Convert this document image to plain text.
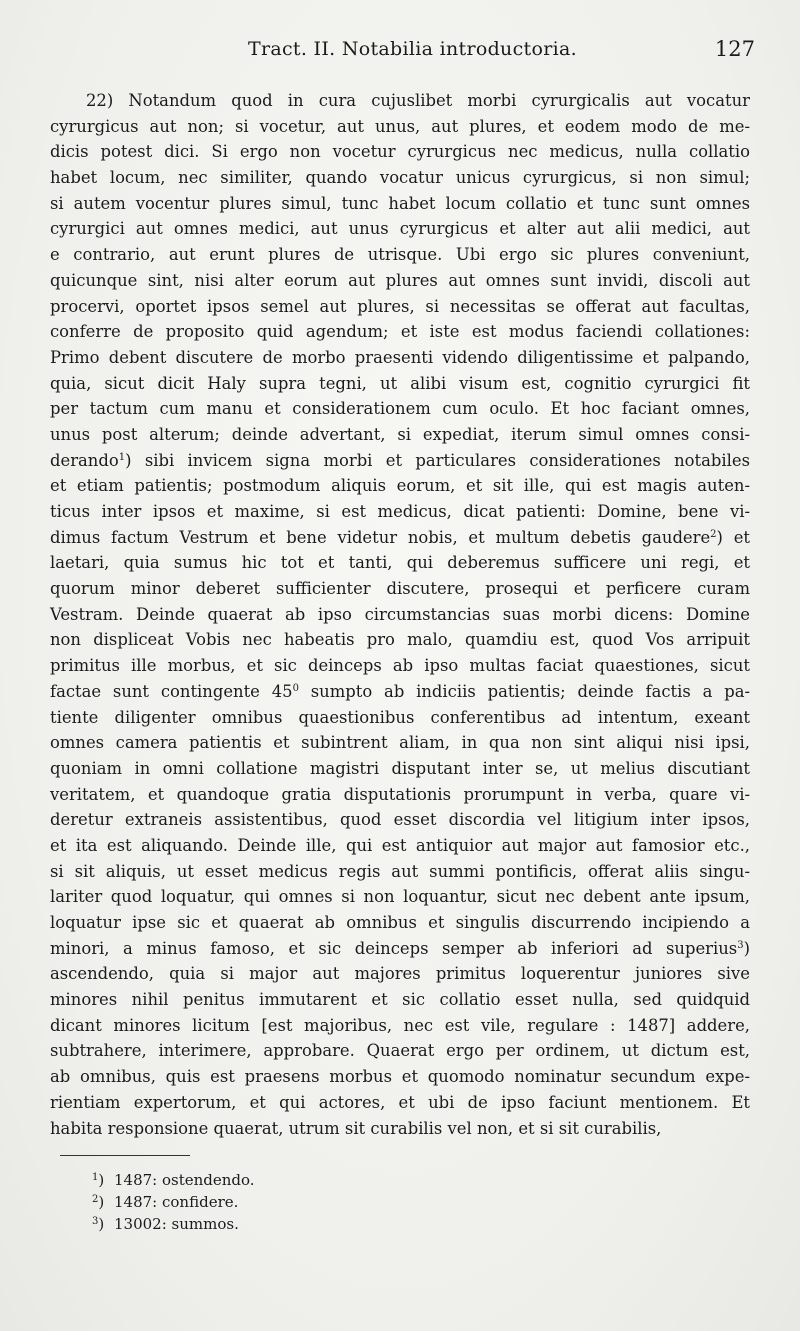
Tract. II. Notabilia introductoria.	127
22) Notandum quod in cura cujuslibet morbi cyrurgicalis aut vocatur
cyrurgicus aut non; si vocetur, aut unus, aut plures, et eodem modo de me-
dicis potest dici. Si ergo non vocetur cyrurgicus nec medicus, nulla collatio
habet locum, nec similiter, quando vocatur unicus cyrurgicus, si non simul;
si autem vocentur plures simul, tunc habet locum collatio et tunc sunt omnes
cyrurgici aut omnes medici, aut unus cyrurgicus et alter aut alii medici, aut
e contrario, aut erunt plures de utrisque. Ubi ergo sic plures conveniunt,
quicunque sint, nisi alter eorum aut plures aut omnes sunt invidi, discoli aut
procervi, oportet ipsos semel aut plures, si necessitas se offerat aut facultas,
conferre de proposito quid agendum; et iste est modus faciendi collationes:
Primo debent discutere de morbo praesenti videndo diligentissime et palpando,
quia, sicut dicit Haly supra tegni, ut alibi visum est, cognitio cyrurgici fit
per tactum cum manu et considerationem cum oculo. Et hoc faciant omnes,
unus post alterum; deinde advertant, si expediat, iterum simul omnes consi-
derando$^1$) sibi invicem signa morbi et particulares considerationes notabiles
et etiam patientis; postmodum aliquis eorum, et sit ille, qui est magis auten-
ticus inter ipsos et maxime, si est medicus, dicat patienti: Domine, bene vi-
dimus factum Vestrum et bene videtur nobis, et multum debetis gaudere$^2$) et
laetari, quia sumus hic tot et tanti, qui deberemus sufficere uni regi, et
quorum minor deberet sufficienter discutere, prosequi et perficere curam
Vestram. Deinde quaerat ab ipso circumstancias suas morbi dicens: Domine
non displiceat Vobis nec habeatis pro malo, quamdiu est, quod Vos arripuit
primitus ille morbus, et sic deinceps ab ipso multas faciat quaestiones, sicut
factae sunt contingente $45^0$ sumpto ab indiciis patientis; deinde factis a pa-
tiente diligenter omnibus quaestionibus conferentibus ad intentum, exeant
omnes camera patientis et subintrent aliam, in qua non sint aliqui nisi ipsi,
quoniam in omni collatione magistri disputant inter se, ut melius discutiant
veritatem, et quandoque gratia disputationis prorumpunt in verba, quare vi-
deretur extraneis assistentibus, quod esset discordia vel litigium inter ipsos,
et ita est aliquando. Deinde ille, qui est antiquior aut major aut famosior etc.,
si sit aliquis, ut esset medicus regis aut summi pontificis, offerat aliis singu-
lariter quod loquatur, qui omnes si non loquantur, sicut nec debent ante ipsum,
loquatur ipse sic et quaerat ab omnibus et singulis discurrendo incipiendo a
minori, a minus famoso, et sic deinceps semper ab inferiori ad superius$^3$)
ascendendo, quia si major aut majores primitus loquerentur juniores sive
minores nihil penitus immutarent et sic collatio esset nulla, sed quidquid
dicant minores licitum [est majoribus, nec est vile, regulare : 1487] addere,
subtrahere, interimere, approbare. Quaerat ergo per ordinem, ut dictum est,
ab omnibus, quis est praesens morbus et quomodo nominatur secundum expe-
rientiam expertorum, et qui actores, et ubi de ipso faciunt mentionem. Et
habita responsione quaerat, utrum sit curabilis vel non, et si sit curabilis,
$^1$) 1487: ostendendo.
$^2$) 1487: confidere.
$^3$) 13002: summos.
